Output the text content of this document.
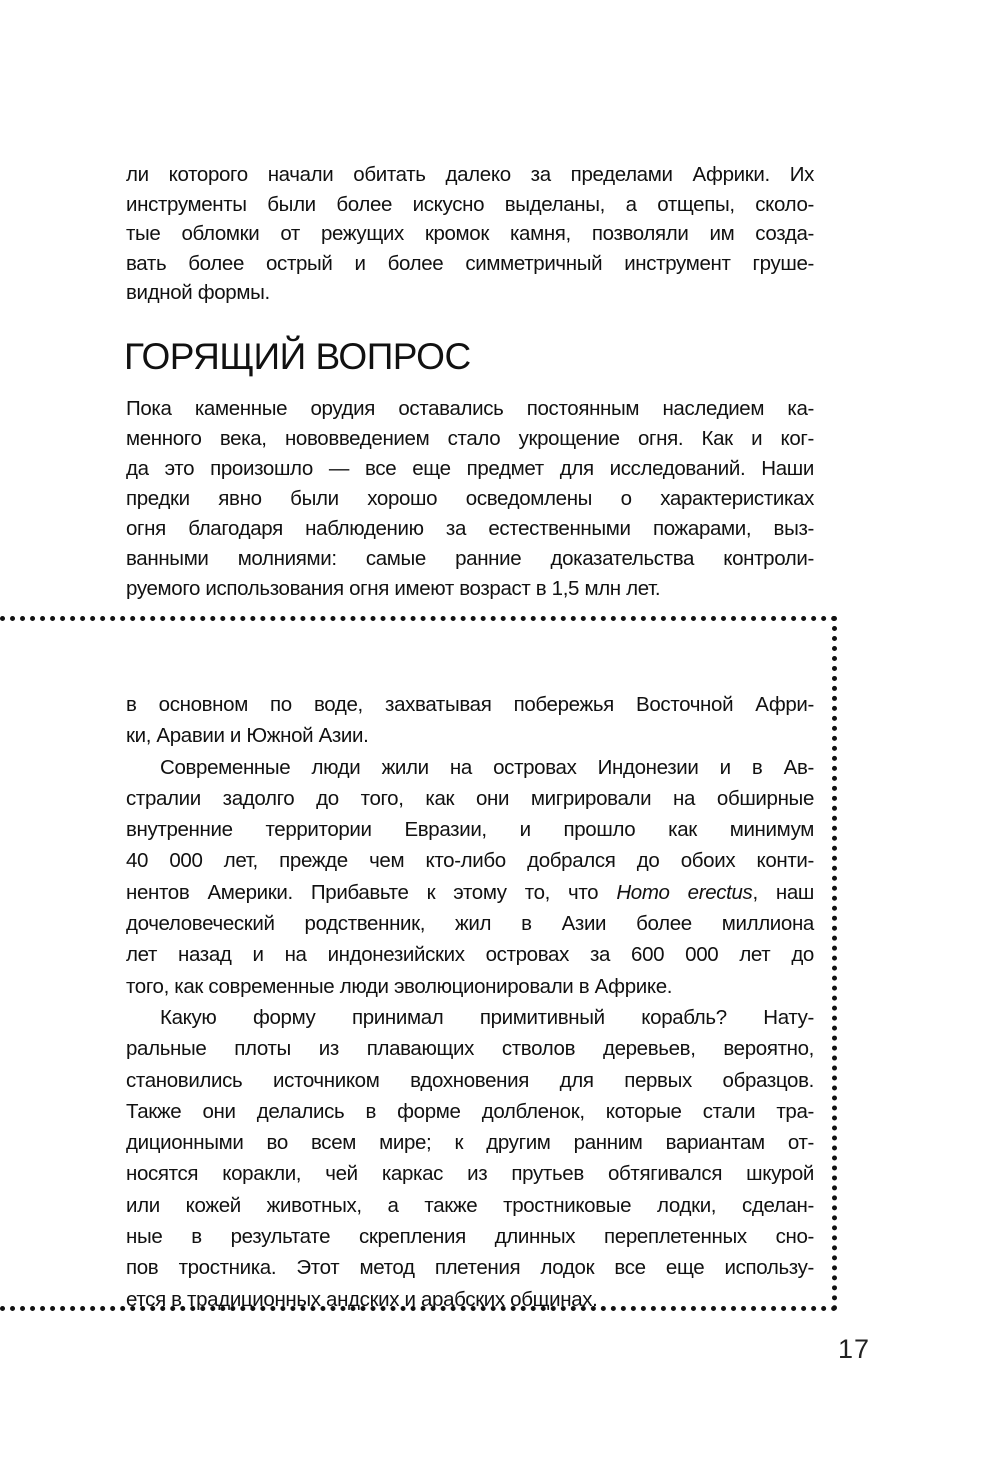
ли которого начали обитать далеко за пределами Африки. Их
инструменты были более искусно выделаны, а отщепы, сколо-
тые обломки от режущих кромок камня, позволяли им созда-
вать более острый и более симметричный инструмент груше-
видной формы.
ГОРЯЩИЙ ВОПРОС
Пока каменные орудия оставались постоянным наследием ка-
менного века, нововведением стало укрощение огня. Как и ког-
да это произошло — все еще предмет для исследований. Наши
предки явно были хорошо осведомлены о характеристиках
огня благодаря наблюдению за естественными пожарами, выз-
ванными молниями: самые ранние доказательства контроли-
руемого использования огня имеют возраст в 1,5 млн лет.
в основном по воде, захватывая побережья Восточной Афри-
ки, Аравии и Южной Азии.
Современные люди жили на островах Индонезии и в Ав-
стралии задолго до того, как они мигрировали на обширные
внутренние территории Евразии, и прошло как минимум
40 000 лет, прежде чем кто-либо добрался до обоих конти-
нентов Америки. Прибавьте к этому то, что Homo erectus, наш
дочеловеческий родственник, жил в Азии более миллиона
лет назад и на индонезийских островах за 600 000 лет до
того, как современные люди эволюционировали в Африке.
Какую форму принимал примитивный корабль? Нату-
ральные плоты из плавающих стволов деревьев, вероятно,
становились источником вдохновения для первых образцов.
Также они делались в форме долбленок, которые стали тра-
диционными во всем мире; к другим ранним вариантам от-
носятся коракли, чей каркас из прутьев обтягивался шкурой
или кожей животных, а также тростниковые лодки, сделан-
ные в результате скрепления длинных переплетенных сно-
пов тростника. Этот метод плетения лодок все еще использу-
ется в традиционных андских и арабских общинах.
17
